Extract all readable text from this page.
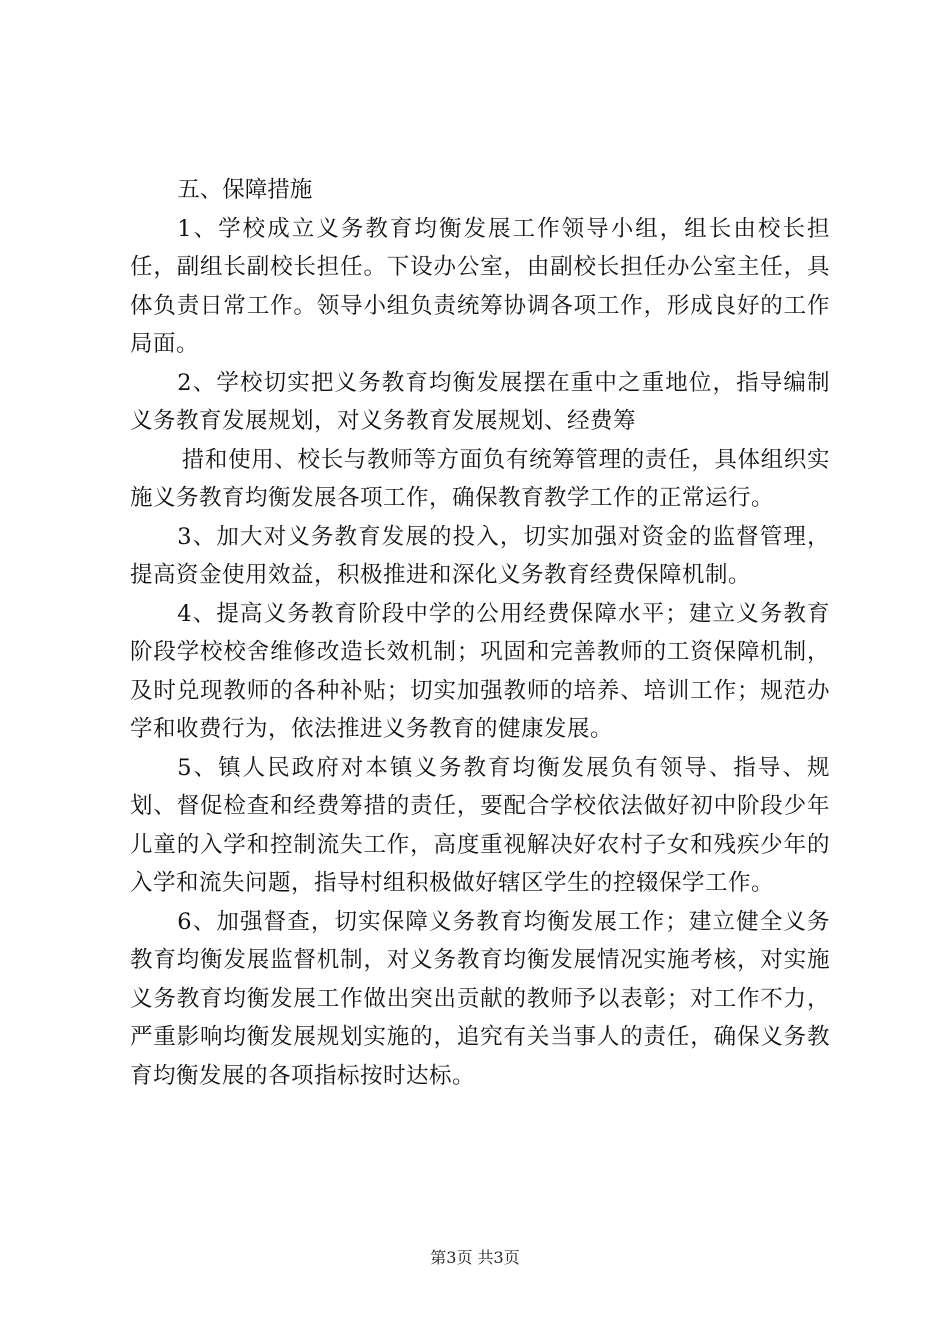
五、保障措施

1、学校成立义务教育均衡发展工作领导小组，组长由校长担任，副组长副校长担任。下设办公室，由副校长担任办公室主任，具体负责日常工作。领导小组负责统筹协调各项工作，形成良好的工作局面。

2、学校切实把义务教育均衡发展摆在重中之重地位，指导编制义务教育发展规划，对义务教育发展规划、经费筹

措和使用、校长与教师等方面负有统筹管理的责任，具体组织实施义务教育均衡发展各项工作，确保教育教学工作的正常运行。

3、加大对义务教育发展的投入，切实加强对资金的监督管理，提高资金使用效益，积极推进和深化义务教育经费保障机制。

4、提高义务教育阶段中学的公用经费保障水平；建立义务教育阶段学校校舍维修改造长效机制；巩固和完善教师的工资保障机制，及时兑现教师的各种补贴；切实加强教师的培养、培训工作；规范办学和收费行为，依法推进义务教育的健康发展。

5、镇人民政府对本镇义务教育均衡发展负有领导、指导、规划、督促检查和经费筹措的责任，要配合学校依法做好初中阶段少年儿童的入学和控制流失工作，高度重视解决好农村子女和残疾少年的入学和流失问题，指导村组积极做好辖区学生的控辍保学工作。

6、加强督查，切实保障义务教育均衡发展工作；建立健全义务教育均衡发展监督机制，对义务教育均衡发展情况实施考核，对实施义务教育均衡发展工作做出突出贡献的教师予以表彰；对工作不力，严重影响均衡发展规划实施的，追究有关当事人的责任，确保义务教育均衡发展的各项指标按时达标。

第3页 共3页
